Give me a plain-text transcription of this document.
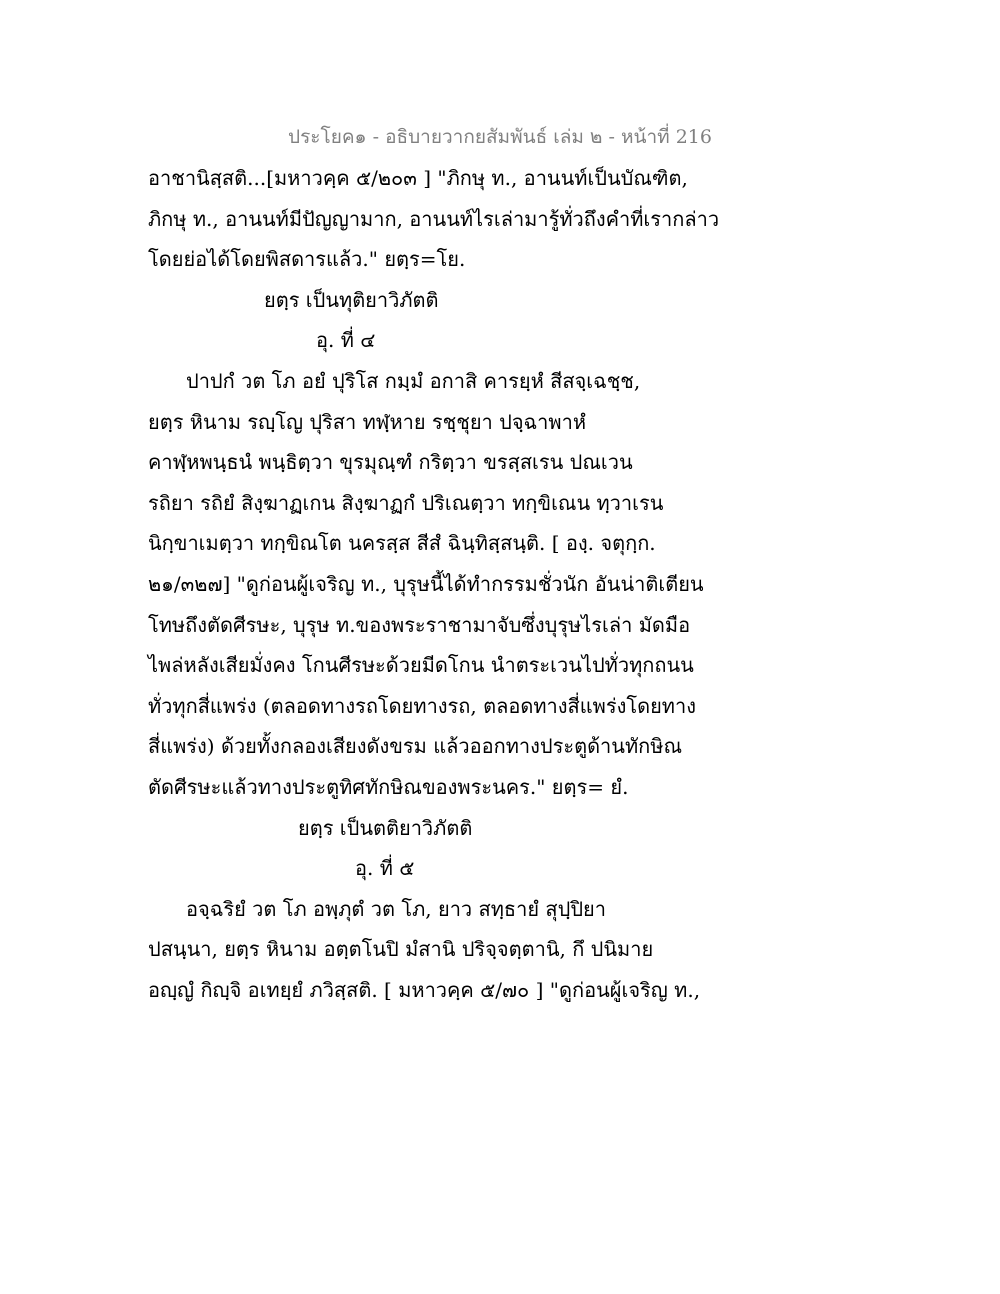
ประโยค๑ - อธิบายวากยสัมพันธ์ เล่ม ๒ - หน้าที่ 216
อาชานิสฺสติ...[มหาวคฺค ๕/๒๐๓ ] "ภิกษุ ท., อานนท์เป็นบัณฑิต,
ภิกษุ ท., อานนท์มีปัญญามาก, อานนท์ไรเล่ามารู้ทั่วถึงคำที่เรากล่าว
โดยย่อได้โดยพิสดารแล้ว." ยตฺร=โย.
ยตฺร เป็นทุติยาวิภัตติ
อุ. ที่ ๔
ปาปกํ วต โภ อยํ ปุริโส กมฺมํ อกาสิ คารยฺหํ สีสจฺเฉชฺช,
ยตฺร หินาม รญฺโญ ปุริสา ทฬฺหาย รชฺชุยา ปจฺฉาพาหํ
คาฬฺหพนฺธนํ พนฺธิตฺวา ขุรมุณฺฑํ กริตฺวา ขรสฺสเรน ปณเวน
รถิยา รถิยํ สิงฺฆาฏเกน สิงฺฆาฏกํ ปริเณตฺวา ทกฺขิเณน ทฺวาเรน
นิกฺขาเมตฺวา ทกฺขิณโต นครสฺส สีสํ ฉินฺทิสฺสนฺติ. [ องฺ. จตุกฺก.
๒๑/๓๒๗] "ดูก่อนผู้เจริญ ท., บุรุษนี้ได้ทำกรรมชั่วนัก อันน่าติเตียน
โทษถึงตัดศีรษะ, บุรุษ ท.ของพระราชามาจับซึ่งบุรุษไรเล่า มัดมือ
ไพล่หลังเสียมั่งคง โกนศีรษะด้วยมีดโกน นำตระเวนไปทั่วทุกถนน
ทั่วทุกสี่แพร่ง (ตลอดทางรถโดยทางรถ, ตลอดทางสี่แพร่งโดยทาง
สี่แพร่ง) ด้วยทั้งกลองเสียงดังขรม แล้วออกทางประตูด้านทักษิณ
ตัดศีรษะแล้วทางประตูทิศทักษิณของพระนคร." ยตฺร= ยํ.
ยตฺร เป็นตติยาวิภัตติ
อุ. ที่ ๕
อจฺฉริยํ วต โภ อพฺภุตํ วต โภ, ยาว สทฺธายํ สุปฺปิยา
ปสนฺนา, ยตฺร หินาม อตฺตโนปิ มํสานิ ปริจฺจตฺตานิ, กึ ปนิมาย
อญฺญํ กิญฺจิ อเทยฺยํ ภวิสฺสติ. [ มหาวคฺค ๕/๗๐ ] "ดูก่อนผู้เจริญ ท.,
